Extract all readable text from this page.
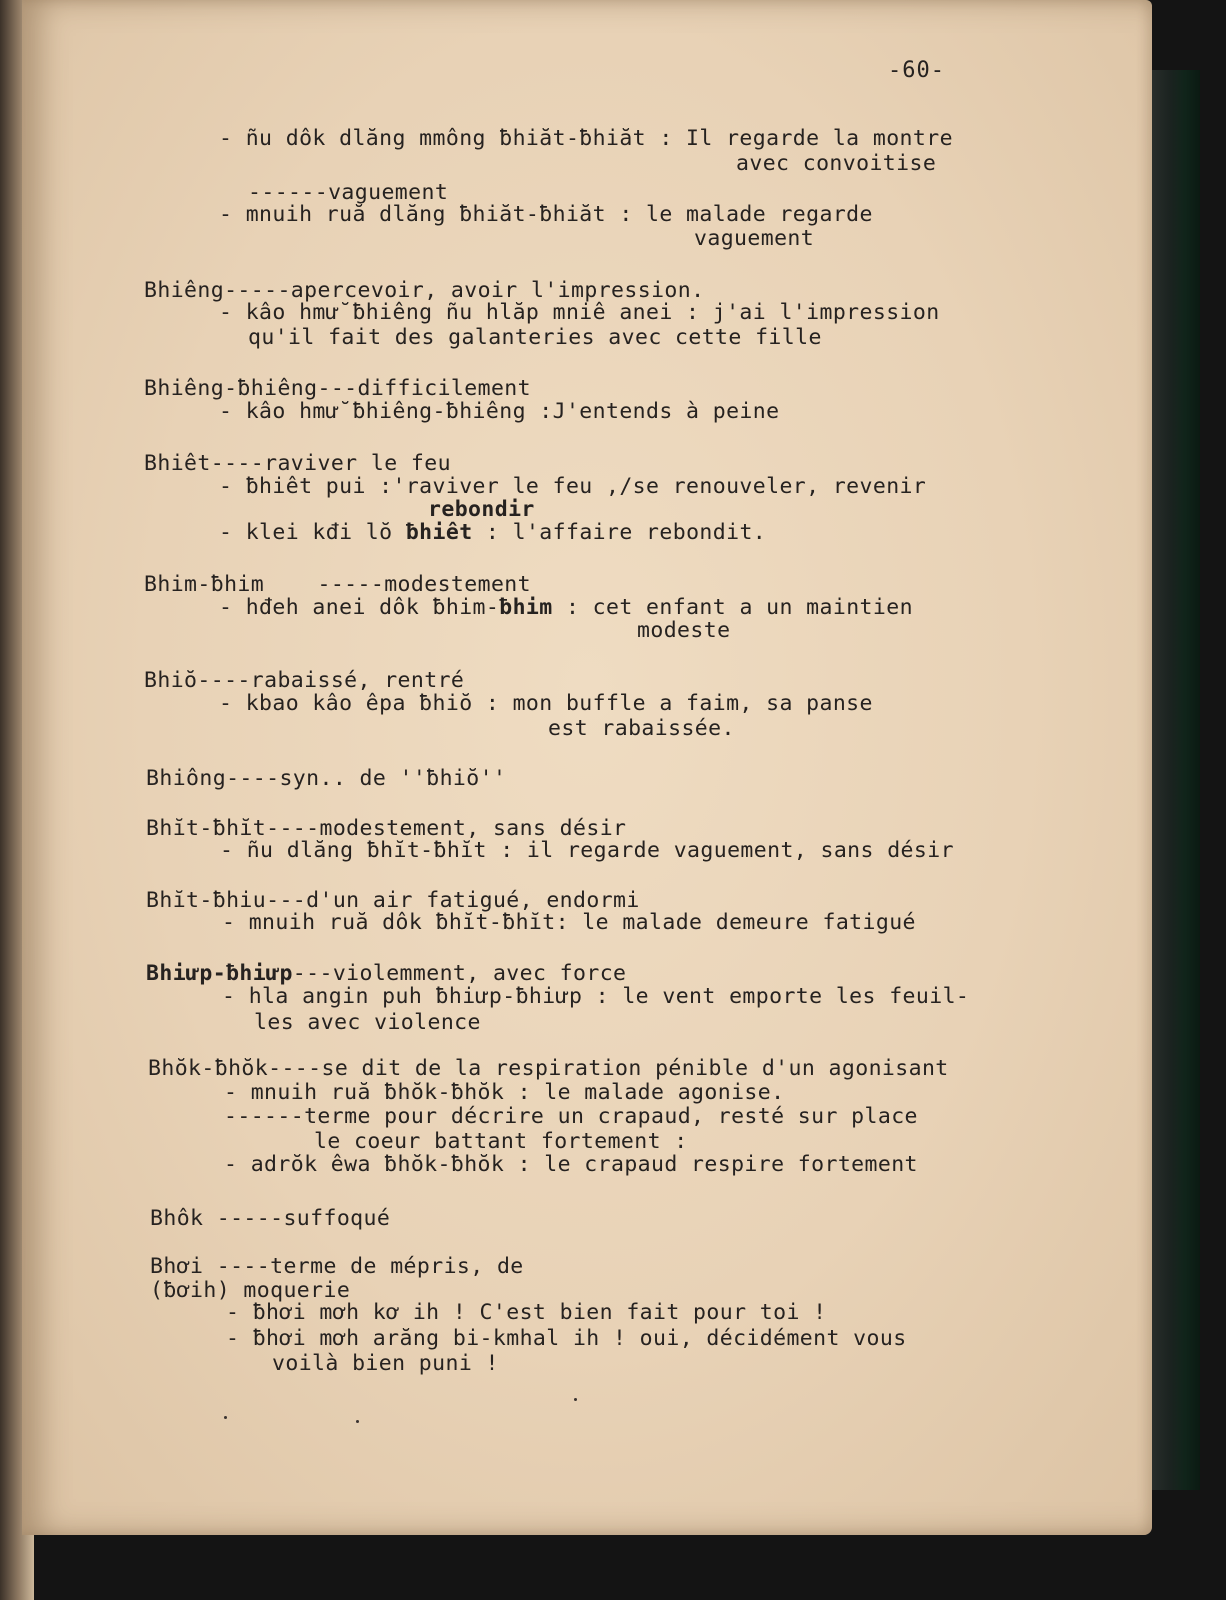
-60-
- ñu dôk dlăng mmông ƀhiăt-ƀhiăt : Il regarde la montre
avec convoitise
------vaguement
- mnuih ruă dlăng ƀhiăt-ƀhiăt : le malade regarde
vaguement
Bhiêng-----apercevoir, avoir l'impression.
- kâo hmư̆ ƀhiêng ñu hlăp mniê anei : j'ai l'impression
qu'il fait des galanteries avec cette fille
Bhiêng-ƀhiêng---difficilement
- kâo hmư̆ ƀhiêng-ƀhiêng :J'entends à peine
Bhiêt----raviver le feu
- ƀhiêt pui :'raviver le feu ,/se renouveler, revenir
rebondir
- klei kđi lŏ ƀhiêt : l'affaire rebondit.
Bhim-ƀhim    -----modestement
- hđeh anei dôk ƀhim-ƀhim : cet enfant a un maintien
modeste
Bhiŏ----rabaissé, rentré
- kbao kâo êpa ƀhiŏ : mon buffle a faim, sa panse
est rabaissée.
Bhiông----syn.. de ''ƀhiŏ''
Bhĭt-ƀhĭt----modestement, sans désir
- ñu dlăng ƀhĭt-ƀhĭt : il regarde vaguement, sans désir
Bhĭt-ƀhiu---d'un air fatigué, endormi
- mnuih ruă dôk ƀhĭt-ƀhĭt: le malade demeure fatigué
Bhiưp-ƀhiưp---violemment, avec force
- hla angin puh ƀhiưp-ƀhiưp : le vent emporte les feuil-
les avec violence
Bhŏk-ƀhŏk----se dit de la respiration pénible d'un agonisant
- mnuih ruă ƀhŏk-ƀhŏk : le malade agonise.
------terme pour décrire un crapaud, resté sur place
le coeur battant fortement :
- adrŏk êwa ƀhŏk-ƀhŏk : le crapaud respire fortement
Bhôk -----suffoqué
Bhơi ----terme de mépris, de
(ƀơih) moquerie
- ƀhơi mơh kơ ih ! C'est bien fait pour toi !
- ƀhơi mơh arăng bi-kmhal ih ! oui, décidément vous
voilà bien puni !
